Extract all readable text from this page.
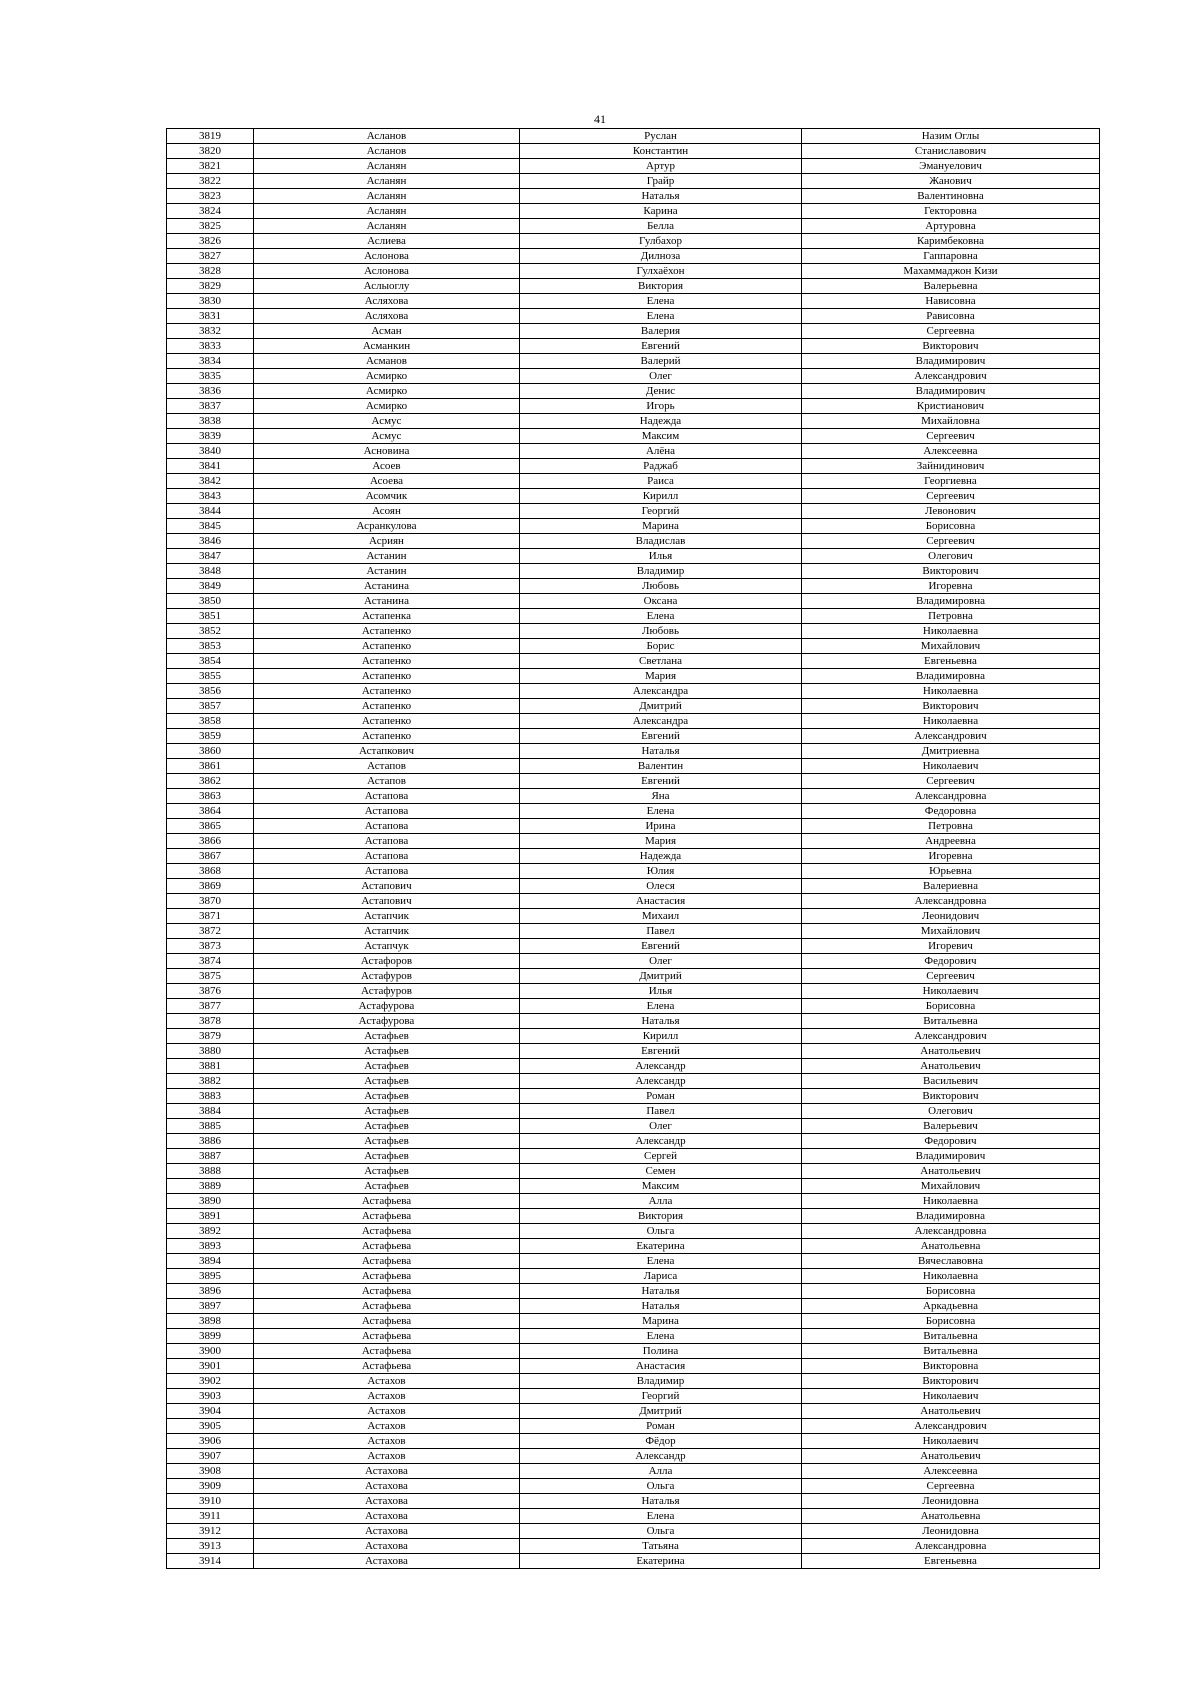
41
3819	Асланов	Руслан	Назим Оглы
3820	Асланов	Константин	Станиславович
3821	Асланян	Артур	Эмануелович
3822	Асланян	Грайр	Жанович
3823	Асланян	Наталья	Валентиновна
3824	Асланян	Карина	Гекторовна
3825	Асланян	Белла	Артуровна
3826	Аслиева	Гулбахор	Каримбековна
3827	Аслонова	Дилноза	Гаппаровна
3828	Аслонова	Гулхаёхон	Махаммаджон Кизи
3829	Аслыоглу	Виктория	Валерьевна
3830	Асляхова	Елена	Навиcовна
3831	Асляхова	Елена	Рависовна
3832	Асман	Валерия	Сергеевна
3833	Асманкин	Евгений	Викторович
3834	Асманов	Валерий	Владимирович
3835	Асмирко	Олег	Александрович
3836	Асмирко	Денис	Владимирович
3837	Асмирко	Игорь	Кристианович
3838	Асмус	Надежда	Михайловна
3839	Асмус	Максим	Сергеевич
3840	Асновина	Алёна	Алексеевна
3841	Асоев	Раджаб	Зайнидинович
3842	Асоева	Раиса	Георгиевна
3843	Асомчик	Кирилл	Сергеевич
3844	Асоян	Георгий	Левонович
3845	Асранкулова	Марина	Борисовна
3846	Асриян	Владислав	Сергеевич
3847	Астанин	Илья	Олегович
3848	Астанин	Владимир	Викторович
3849	Астанина	Любовь	Игоревна
3850	Астанина	Оксана	Владимировна
3851	Астапенка	Елена	Петровна
3852	Астапенко	Любовь	Николаевна
3853	Астапенко	Борис	Михайлович
3854	Астапенко	Светлана	Евгеньевна
3855	Астапенко	Мария	Владимировна
3856	Астапенко	Александра	Николаевна
3857	Астапенко	Дмитрий	Викторович
3858	Астапенко	Александра	Николаевна
3859	Астапенко	Евгений	Александрович
3860	Астапкович	Наталья	Дмитриевна
3861	Астапов	Валентин	Николаевич
3862	Астапов	Евгений	Сергеевич
3863	Астапова	Яна	Александровна
3864	Астапова	Елена	Федоровна
3865	Астапова	Ирина	Петровна
3866	Астапова	Мария	Андреевна
3867	Астапова	Надежда	Игоревна
3868	Астапова	Юлия	Юрьевна
3869	Астапович	Олеся	Валериевна
3870	Астапович	Анастасия	Александровна
3871	Астапчик	Михаил	Леонидович
3872	Астапчик	Павел	Михайлович
3873	Астапчук	Евгений	Игоревич
3874	Астафоров	Олег	Федорович
3875	Астафуров	Дмитрий	Сергеевич
3876	Астафуров	Илья	Николаевич
3877	Астафурова	Елена	Борисовна
3878	Астафурова	Наталья	Витальевна
3879	Астафьев	Кирилл	Александрович
3880	Астафьев	Евгений	Анатольевич
3881	Астафьев	Александр	Анатольевич
3882	Астафьев	Александр	Васильевич
3883	Астафьев	Роман	Викторович
3884	Астафьев	Павел	Олегович
3885	Астафьев	Олег	Валерьевич
3886	Астафьев	Александр	Федорович
3887	Астафьев	Сергей	Владимирович
3888	Астафьев	Семен	Анатольевич
3889	Астафьев	Максим	Михайлович
3890	Астафьева	Алла	Николаевна
3891	Астафьева	Виктория	Владимировна
3892	Астафьева	Ольга	Александровна
3893	Астафьева	Екатерина	Анатольевна
3894	Астафьева	Елена	Вячеславовна
3895	Астафьева	Лариса	Николаевна
3896	Астафьева	Наталья	Борисовна
3897	Астафьева	Наталья	Аркадьевна
3898	Астафьева	Марина	Борисовна
3899	Астафьева	Елена	Витальевна
3900	Астафьева	Полина	Витальевна
3901	Астафьева	Анастасия	Викторовна
3902	Астахов	Владимир	Викторович
3903	Астахов	Георгий	Николаевич
3904	Астахов	Дмитрий	Анатольевич
3905	Астахов	Роман	Александрович
3906	Астахов	Фёдор	Николаевич
3907	Астахов	Александр	Анатольевич
3908	Астахова	Алла	Алексеевна
3909	Астахова	Ольга	Сергеевна
3910	Астахова	Наталья	Леонидовна
3911	Астахова	Елена	Анатольевна
3912	Астахова	Ольга	Леонидовна
3913	Астахова	Татьяна	Александровна
3914	Астахова	Екатерина	Евгеньевна
